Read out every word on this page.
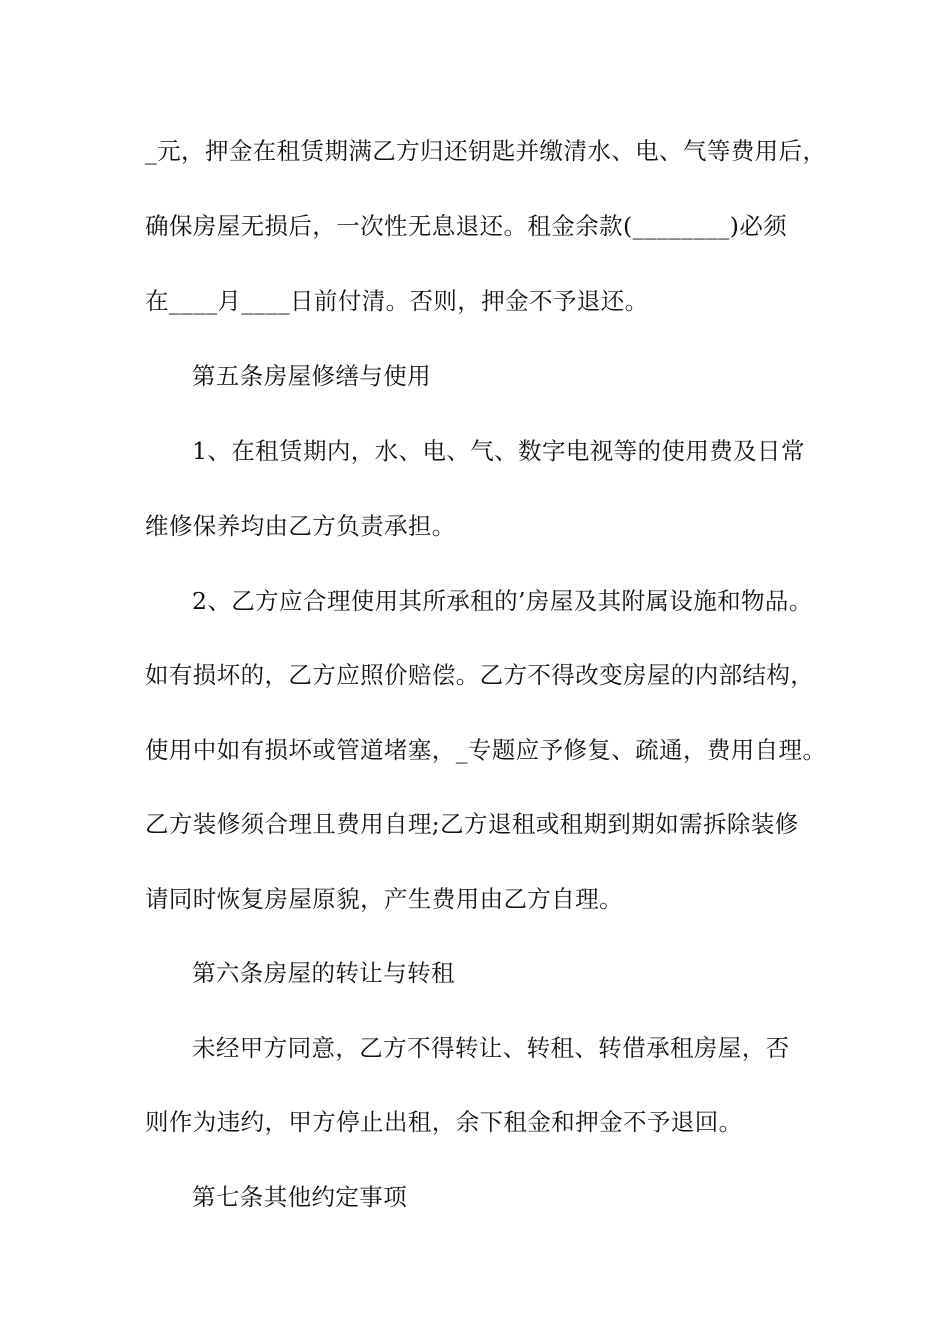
_元，押金在租赁期满乙方归还钥匙并缴清水、电、气等费用后，
确保房屋无损后，一次性无息退还。租金余款(________)必须
在____月____日前付清。否则，押金不予退还。
第五条房屋修缮与使用
1、在租赁期内，水、电、气、数字电视等的使用费及日常
维修保养均由乙方负责承担。
2、乙方应合理使用其所承租的’房屋及其附属设施和物品。
如有损坏的，乙方应照价赔偿。乙方不得改变房屋的内部结构，
使用中如有损坏或管道堵塞，_专题应予修复、疏通，费用自理。
乙方装修须合理且费用自理;乙方退租或租期到期如需拆除装修
请同时恢复房屋原貌，产生费用由乙方自理。
第六条房屋的转让与转租
未经甲方同意，乙方不得转让、转租、转借承租房屋，否
则作为违约，甲方停止出租，余下租金和押金不予退回。
第七条其他约定事项
